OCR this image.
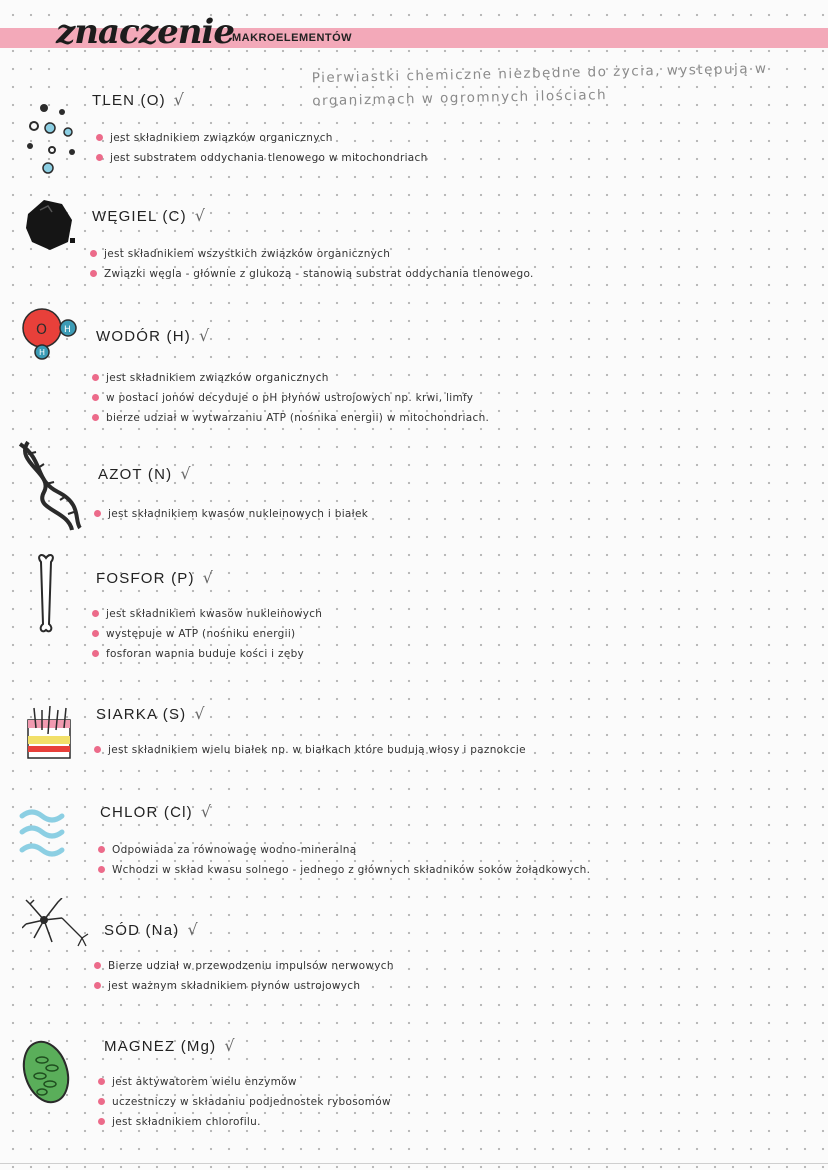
znaczenie
MAKROELEMENTÓW
Pierwiastki chemiczne niezbędne do życia, występują w organizmach w ogromnych ilościach
TLEN (O) √
jest składnikiem związków organicznych
jest substratem oddychania tlenowego w mitochondriach
WĘGIEL (C) √
jest składnikiem wszystkich związków organicznych
Związki węgla - głównie z glukozą - stanowią substrat oddychania tlenowego.
O H
H
WODÓR (H) √
jest składnikiem związków organicznych
w postaci jonów decyduje o pH płynów ustrojowych np. krwi, limfy
bierze udział w wytwarzaniu ATP (nośnika energii) w mitochondriach.
AZOT (N) √
jest składnikiem kwasów nukleinowych i białek
FOSFOR (P) √
jest składnikiem kwasów nukleinowych
występuje w ATP (nośniku energii)
fosforan wapnia buduje kości i zęby
SIARKA (S) √
jest składnikiem wielu białek np. w białkach które budują włosy i paznokcie
CHLOR (Cl) √
Odpowiada za równowagę wodno-mineralną
Wchodzi w skład kwasu solnego - jednego z głównych składników soków żołądkowych.
SÓD (Na) √
Bierze udział w przewodzeniu impulsów nerwowych
jest ważnym składnikiem płynów ustrojowych
MAGNEZ (Mg) √
jest aktywatorem wielu enzymów
uczestniczy w składaniu podjednostek rybosomów
jest składnikiem chlorofilu.
